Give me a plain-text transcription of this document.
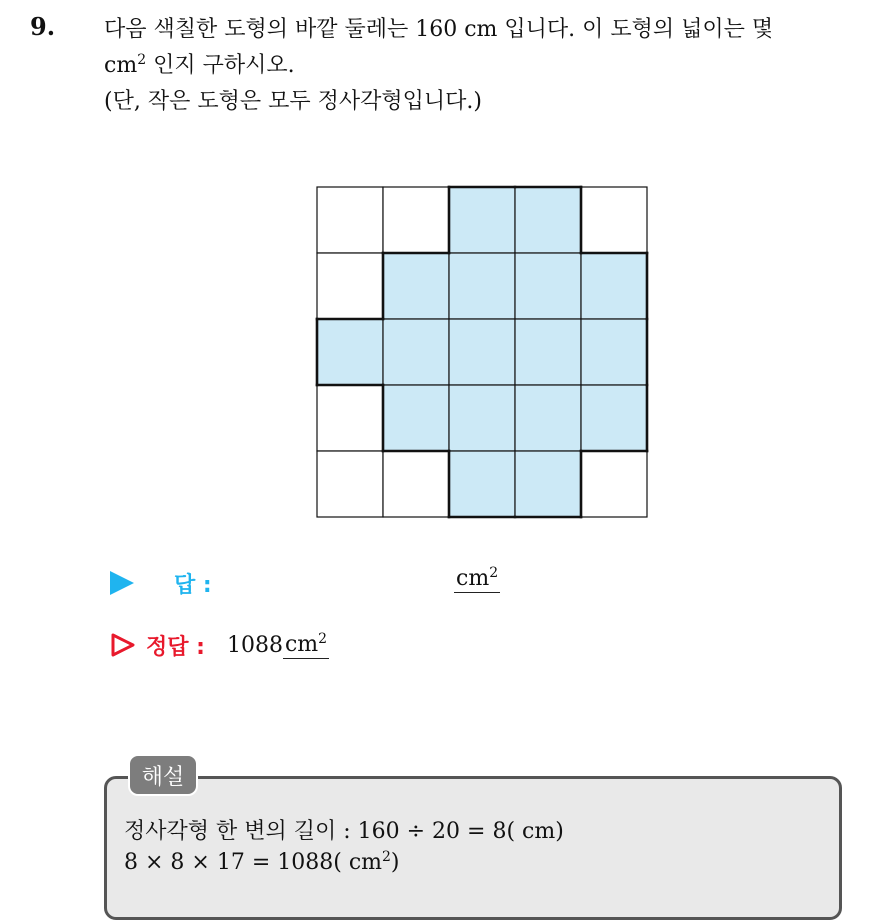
9. 다음 색칠한 도형의 바깥 둘레는 160 cm 입니다. 이 도형의 넓이는 몇
$cm^2$ 인지 구하시오.
(단, 작은 도형은 모두 정사각형입니다.)
답 :	$cm^2$
정답 : 1088 $cm^2$
해설
정사각형 한 변의 길이 : 160 ÷ 20 = 8( cm)
8 × 8 × 17 = 1088( $cm^2$)
